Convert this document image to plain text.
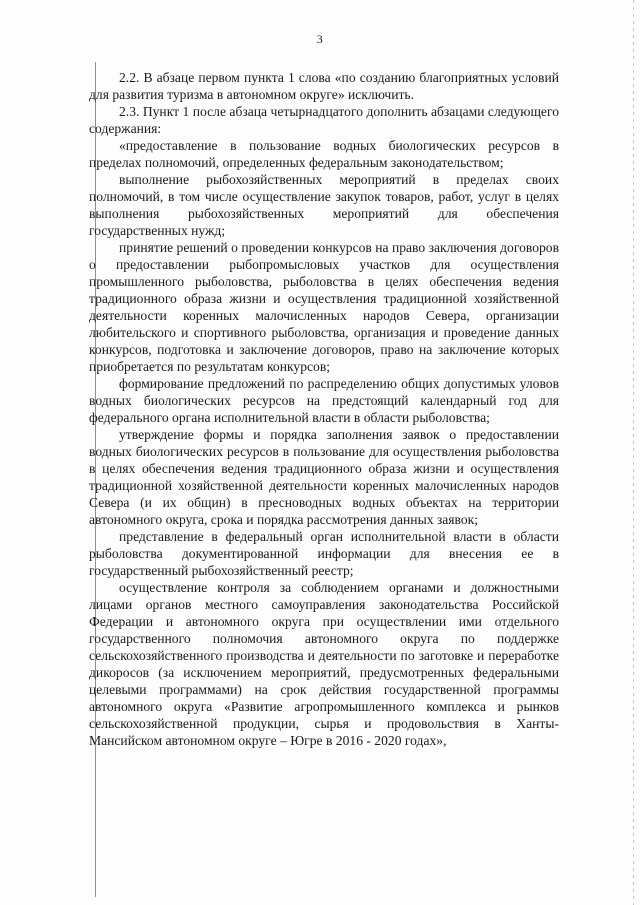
3

2.2. В абзаце первом пункта 1 слова «по созданию благоприятных условий для развития туризма в автономном округе» исключить.

2.3. Пункт 1 после абзаца четырнадцатого дополнить абзацами следующего содержания:

«предоставление в пользование водных биологических ресурсов в пределах полномочий, определенных федеральным законодательством;

выполнение рыбохозяйственных мероприятий в пределах своих полномочий, в том числе осуществление закупок товаров, работ, услуг в целях выполнения рыбохозяйственных мероприятий для обеспечения государственных нужд;

принятие решений о проведении конкурсов на право заключения договоров о предоставлении рыбопромысловых участков для осуществления промышленного рыболовства, рыболовства в целях обеспечения ведения традиционного образа жизни и осуществления традиционной хозяйственной деятельности коренных малочисленных народов Севера, организации любительского и спортивного рыболовства, организация и проведение данных конкурсов, подготовка и заключение договоров, право на заключение которых приобретается по результатам конкурсов;

формирование предложений по распределению общих допустимых уловов водных биологических ресурсов на предстоящий календарный год для федерального органа исполнительной власти в области рыболовства;

утверждение формы и порядка заполнения заявок о предоставлении водных биологических ресурсов в пользование для осуществления рыболовства в целях обеспечения ведения традиционного образа жизни и осуществления традиционной хозяйственной деятельности коренных малочисленных народов Севера (и их общин) в пресноводных водных объектах на территории автономного округа, срока и порядка рассмотрения данных заявок;

представление в федеральный орган исполнительной власти в области рыболовства документированной информации для внесения ее в государственный рыбохозяйственный реестр;

осуществление контроля за соблюдением органами и должностными лицами органов местного самоуправления законодательства Российской Федерации и автономного округа при осуществлении ими отдельного государственного полномочия автономного округа по поддержке сельскохозяйственного производства и деятельности по заготовке и переработке дикоросов (за исключением мероприятий, предусмотренных федеральными целевыми программами) на срок действия государственной программы автономного округа «Развитие агропромышленного комплекса и рынков сельскохозяйственной продукции, сырья и продовольствия в Ханты-Мансийском автономном округе – Югре в 2016 - 2020 годах»,
